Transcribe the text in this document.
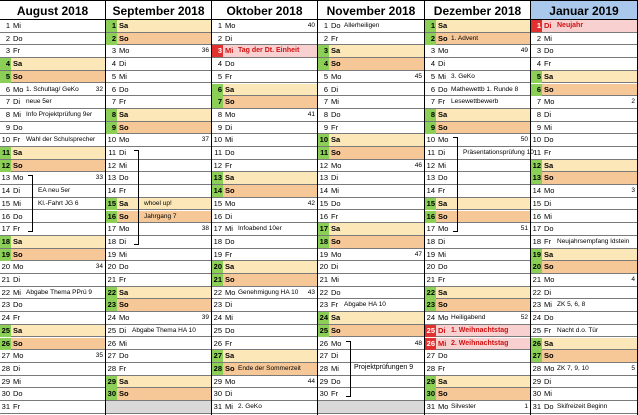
August 2018
1 Mi
2 Do
3 Fr
4 Sa
5 So
6 Mo 1. Schultag/ GeKo	32
7 Di neue 5er
8 Mi Info Projektprüfung 9er
9 Do
10 Fr Wahl der Schulsprecher
11 Sa
12 So
13 Mo	33
14 Di	EA neu 5er
15 Mi	Kl.-Fahrt JG 6
16 Do
17 Fr
18 Sa
19 So
20 Mo	34
21 Di
22 Mi Abgabe Thema PPrü 9
23 Do
24 Fr
25 Sa
26 So
27 Mo	35
28 Di
29 Mi
30 Do
31 Fr
September 2018
1 Sa
2 So
3 Mo	36
4 Di
5 Mi
6 Do
7 Fr
8 Sa
9 So
10 Mo	37
11 Di
12 Mi
13 Do
14 Fr
15 Sa	whoel up!
16 So	Jahrgang 7
17 Mo	38
18 Di
19 Mi
20 Do
21 Fr
22 Sa
23 So
24 Mo	39
25 Di Abgabe Thema HA 10
26 Mi
27 Do
28 Fr
29 Sa
30 So
Oktober 2018
1 Mo	40
2 Di
3 Mi Tag der Dt. Einheit
4 Do
5 Fr
6 Sa
7 So
8 Mo	41
9 Di
10 Mi
11 Do
12 Fr
13 Sa
14 So
15 Mo	42
16 Di
17 Mi Infoabend 10er
18 Do
19 Fr
20 Sa
21 So
22 Mo Genehmigung HA 10 43
23 Di
24 Mi
25 Do
26 Fr
27 Sa
28 So Ende der Sommerzeit
29 Mo	44
30 Di
31 Mi 2. GeKo
November 2018
1 Do Allerheiligen
2 Fr
3 Sa
4 So
5 Mo	45
6 Di
7 Mi
8 Do
9 Fr
10 Sa
11 So
12 Mo	46
13 Di
14 Mi
15 Do
16 Fr
17 Sa
18 So
19 Mo	47
20 Di
21 Mi
22 Do
23 Fr Abgabe HA 10
24 Sa
25 So
26 Mo	48
27 Di
28 Mi
29 Do
30 Fr
Projektprüfungen 9
Dezember 2018
1 Sa
2 So 1. Advent
3 Mo	49
4 Di
5 Mi 3. GeKo
6 Do Mathewettb 1. Runde 8
7 Fr Lesewettbewerb
8 Sa
9 So
10 Mo	50
11 Di	Präsentationsprüfung 10
12 Mi
13 Do
14 Fr
15 Sa
16 So
17 Mo	51
18 Di
19 Mi
20 Do
21 Fr
22 Sa
23 So
24 Mo Heiligabend	52
25 Di 1. Weihnachtstag
26 Mi 2. Weihnachtstag
27 Do
28 Fr
29 Sa
30 So
31 Mo Silvester	1
Januar 2019
1 Di Neujahr
2 Mi
3 Do
4 Fr
5 Sa
6 So
7 Mo	2
8 Di
9 Mi
10 Do
11 Fr
12 Sa
13 So
14 Mo	3
15 Di
16 Mi
17 Do
18 Fr Neujahrsempfang Idstein
19 Sa
20 So
21 Mo	4
22 Di
23 Mi ZK 5, 6, 8
24 Do
25 Fr Nacht d.o. Tür
26 Sa
27 So
28 Mo ZK 7, 9, 10	5
29 Di
30 Mi
31 Do Skifreizeit Beginn
